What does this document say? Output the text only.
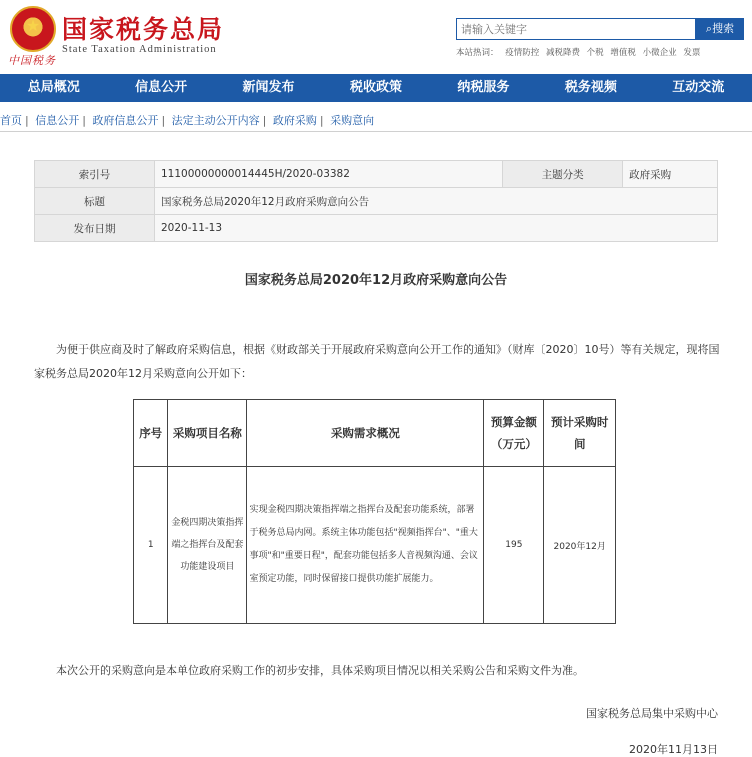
★
中国税务
国家税务总局
State Taxation Administration
请输入关键字
⌕搜索
本站热词： 疫情防控 减税降费 个税 增值税 小微企业 发票
总局概况	信息公开	新闻发布	税收政策	纳税服务	税务视频	互动交流
首页 | 信息公开 | 政府信息公开 | 法定主动公开内容 | 政府采购 | 采购意向
索引号	11100000000014445H/2020-03382	主题分类	政府采购
标题	国家税务总局2020年12月政府采购意向公告		
发布日期	2020-11-13		
国家税务总局2020年12月政府采购意向公告
为便于供应商及时了解政府采购信息，根据《财政部关于开展政府采购意向公开工作的通知》（财库〔2020〕10号）等有关规定，现将国家税务总局2020年12月采购意向公开如下：
序号	采购项目名称	采购需求概况	预算金额（万元）	预计采购时间
1	金税四期决策指挥端之指挥台及配套功能建设项目	实现金税四期决策指挥端之指挥台及配套功能系统，部署于税务总局内网。系统主体功能包括"视频指挥台"、"重大事项"和"重要日程"，配套功能包括多人音视频沟通、会议室预定功能，同时保留接口提供功能扩展能力。	195	2020年12月
本次公开的采购意向是本单位政府采购工作的初步安排，具体采购项目情况以相关采购公告和采购文件为准。
国家税务总局集中采购中心
2020年11月13日
